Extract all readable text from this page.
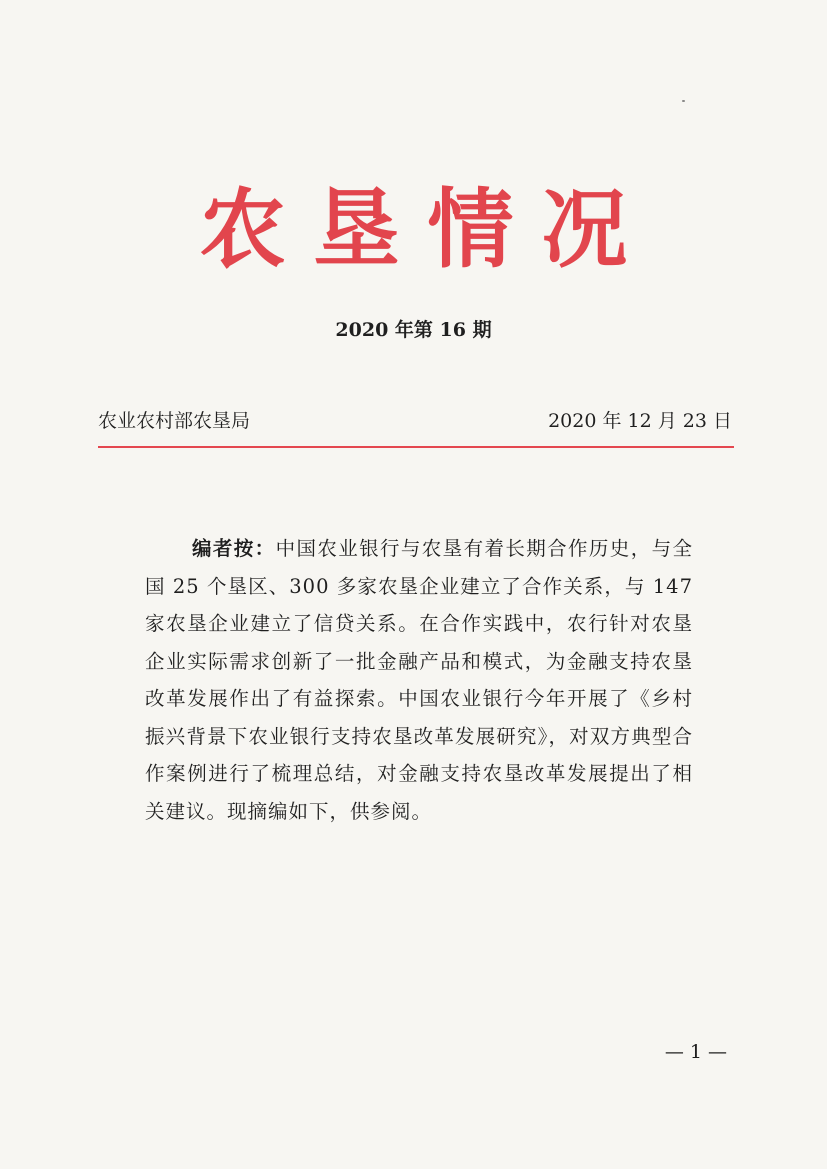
农垦情况
2020 年第 16 期
农业农村部农垦局	2020 年 12 月 23 日

编者按：中国农业银行与农垦有着长期合作历史，与全国 25 个垦区、300 多家农垦企业建立了合作关系，与 147 家农垦企业建立了信贷关系。在合作实践中，农行针对农垦企业实际需求创新了一批金融产品和模式，为金融支持农垦改革发展作出了有益探索。中国农业银行今年开展了《乡村振兴背景下农业银行支持农垦改革发展研究》，对双方典型合作案例进行了梳理总结，对金融支持农垦改革发展提出了相关建议。现摘编如下，供参阅。

— 1 —
